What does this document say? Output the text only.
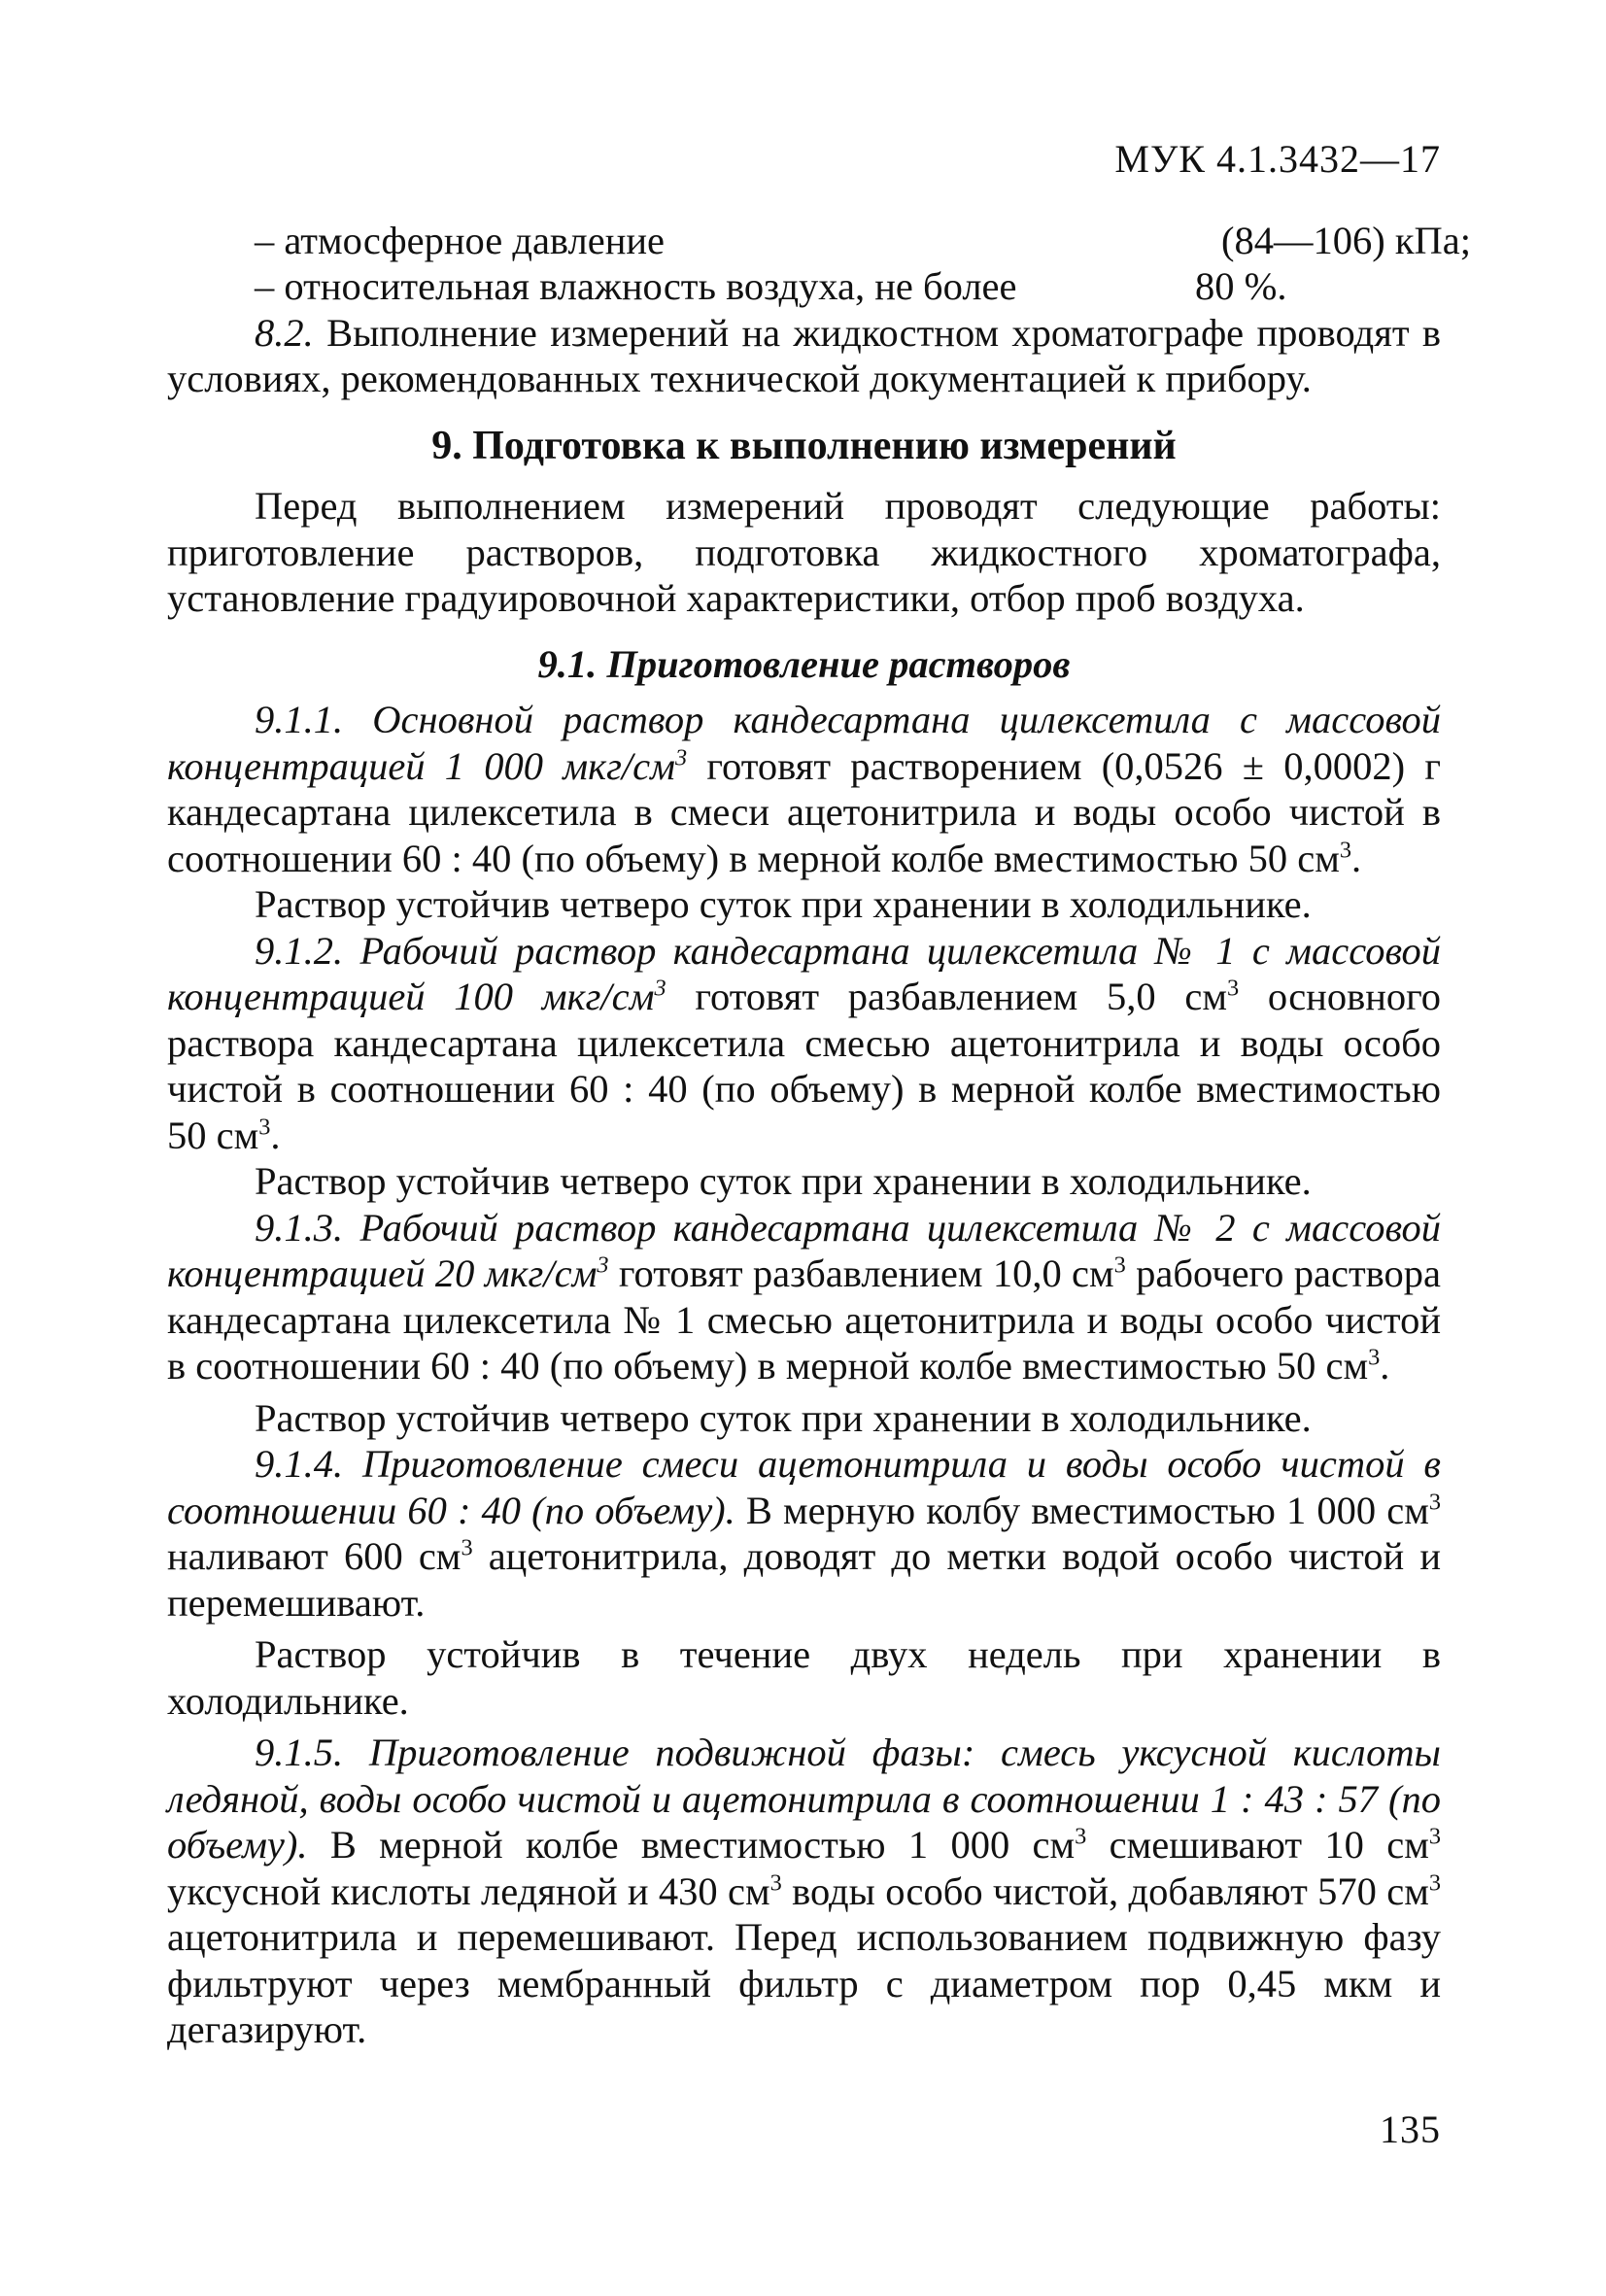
МУК 4.1.3432—17
– атмосферное давление	(84—106) кПа;
– относительная влажность воздуха, не более	80 %.

8.2. Выполнение измерений на жидкостном хроматографе проводят в условиях, рекомендованных технической документацией к прибору.

9. Подготовка к выполнению измерений

Перед выполнением измерений проводят следующие работы: приготовление растворов, подготовка жидкостного хроматографа, установление градуировочной характеристики, отбор проб воздуха.

9.1. Приготовление растворов

9.1.1. Основной раствор кандесартана цилексетила с массовой концентрацией 1 000 мкг/$см^3$ готовят растворением (0,0526 ± 0,0002) г кандесартана цилексетила в смеси ацетонитрила и воды особо чистой в соотношении 60 : 40 (по объему) в мерной колбе вместимостью 50 $см^3$.

Раствор устойчив четверо суток при хранении в холодильнике.

9.1.2. Рабочий раствор кандесартана цилексетила № 1 с массовой концентрацией 100 мкг/$см^3$ готовят разбавлением 5,0 $см^3$ основного раствора кандесартана цилексетила смесью ацетонитрила и воды особо чистой в соотношении 60 : 40 (по объему) в мерной колбе вместимостью 50 $см^3$.

Раствор устойчив четверо суток при хранении в холодильнике.

9.1.3. Рабочий раствор кандесартана цилексетила № 2 с массовой концентрацией 20 мкг/$см^3$ готовят разбавлением 10,0 $см^3$ рабочего раствора кандесартана цилексетила № 1 смесью ацетонитрила и воды особо чистой в соотношении 60 : 40 (по объему) в мерной колбе вместимостью 50 $см^3$.

Раствор устойчив четверо суток при хранении в холодильнике.

9.1.4. Приготовление смеси ацетонитрила и воды особо чистой в соотношении 60 : 40 (по объему). В мерную колбу вместимостью 1 000 $см^3$ наливают 600 $см^3$ ацетонитрила, доводят до метки водой особо чистой и перемешивают.

Раствор устойчив в течение двух недель при хранении в холодильнике.

9.1.5. Приготовление подвижной фазы: смесь уксусной кислоты ледяной, воды особо чистой и ацетонитрила в соотношении 1 : 43 : 57 (по объему). В мерной колбе вместимостью 1 000 $см^3$ смешивают 10 $см^3$ уксусной кислоты ледяной и 430 $см^3$ воды особо чистой, добавляют 570 $см^3$ ацетонитрила и перемешивают. Перед использованием подвижную фазу фильтруют через мембранный фильтр с диаметром пор 0,45 мкм и дегазируют.

135
